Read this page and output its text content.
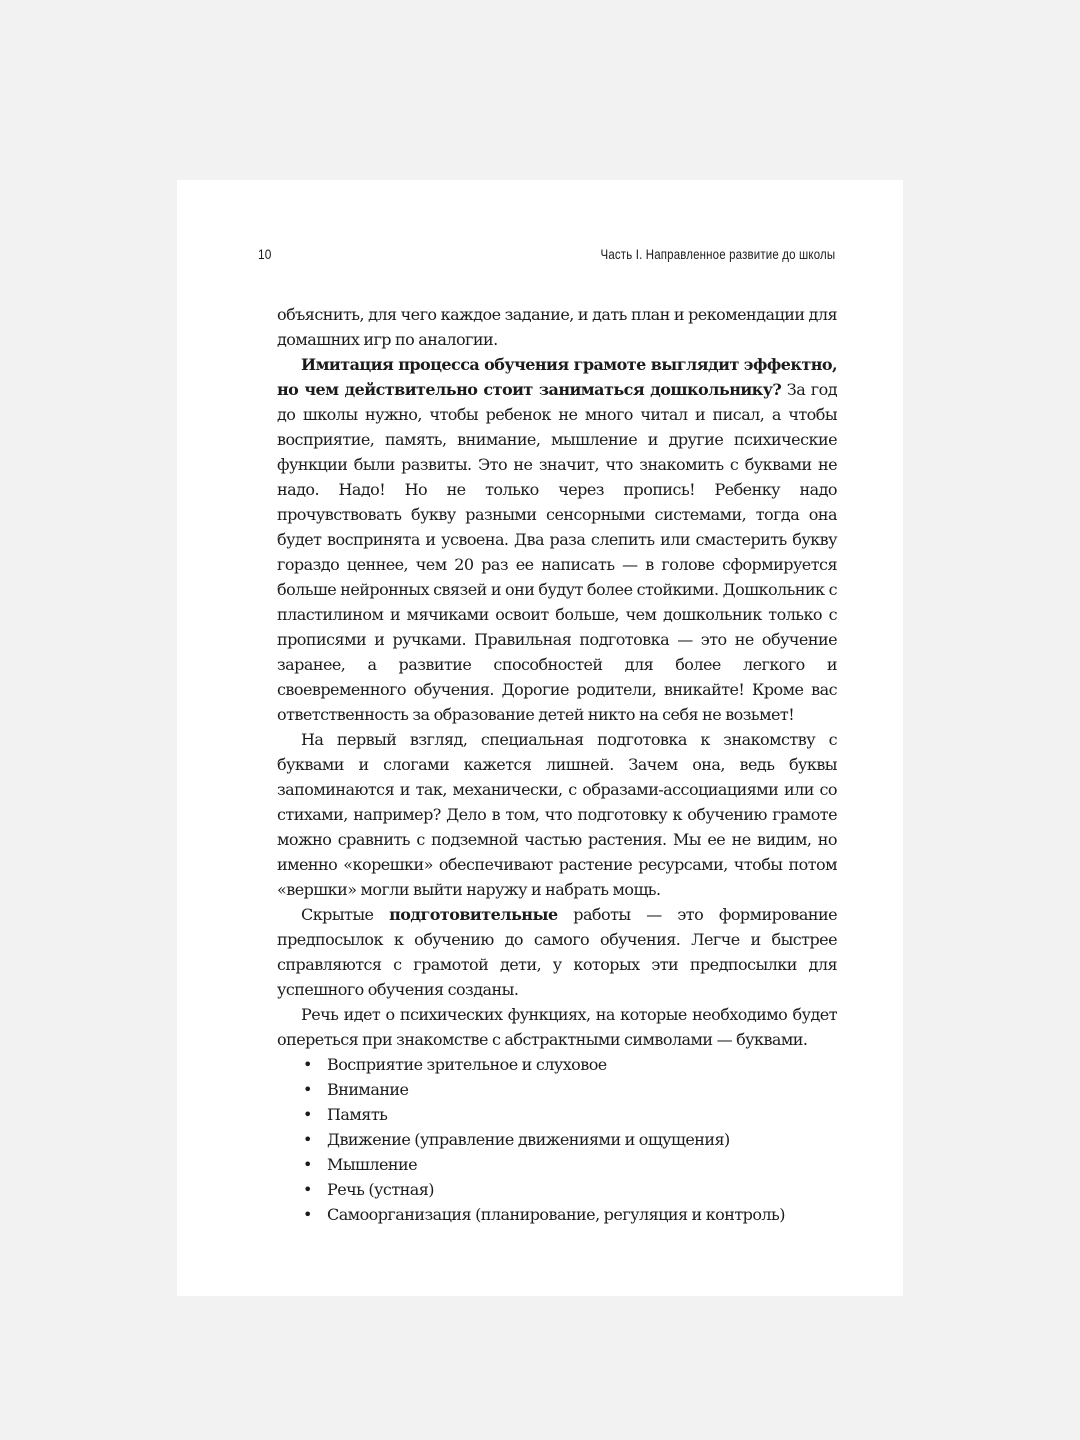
10	Часть I. Направленное развитие до школы

объяснить, для чего каждое задание, и дать план и рекомендации для домашних игр по аналогии.

Имитация процесса обучения грамоте выглядит эффектно, но чем действительно стоит заниматься дошкольнику? За год до школы нужно, чтобы ребенок не много читал и писал, а чтобы восприятие, память, внимание, мышление и другие психические функции были развиты. Это не значит, что знакомить с буквами не надо. Надо! Но не только через пропись! Ребенку надо прочувствовать букву разными сенсорными системами, тогда она будет воспринята и усвоена. Два раза слепить или смастерить букву гораздо ценнее, чем 20 раз ее написать — в голове сформируется больше нейронных связей и они будут более стойкими. Дошкольник с пластилином и мячиками освоит больше, чем дошкольник только с прописями и ручками. Правильная подготовка — это не обучение заранее, а развитие способностей для более легкого и своевременного обучения. Дорогие родители, вникайте! Кроме вас ответственность за образование детей никто на себя не возьмет!

На первый взгляд, специальная подготовка к знакомству с буквами и слогами кажется лишней. Зачем она, ведь буквы запоминаются и так, механически, с образами-ассоциациями или со стихами, например? Дело в том, что подготовку к обучению грамоте можно сравнить с подземной частью растения. Мы ее не видим, но именно «корешки» обеспечивают растение ресурсами, чтобы потом «вершки» могли выйти наружу и набрать мощь.

Скрытые подготовительные работы — это формирование предпосылок к обучению до самого обучения. Легче и быстрее справляются с грамотой дети, у которых эти предпосылки для успешного обучения созданы.

Речь идет о психических функциях, на которые необходимо будет опереться при знакомстве с абстрактными символами — буквами.

• Восприятие зрительное и слуховое
• Внимание
• Память
• Движение (управление движениями и ощущения)
• Мышление
• Речь (устная)
• Самоорганизация (планирование, регуляция и контроль)
